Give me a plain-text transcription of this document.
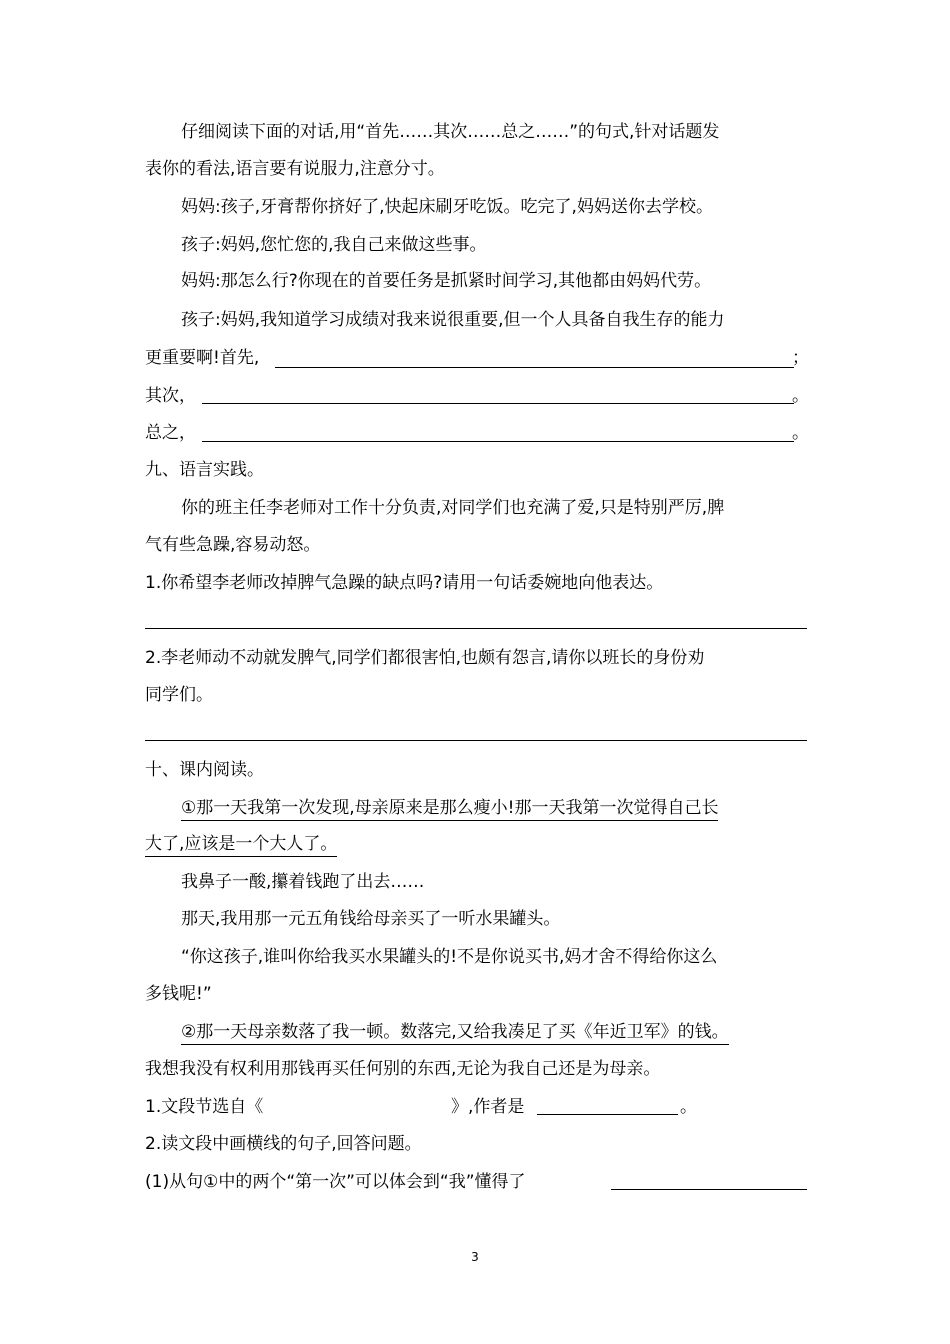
仔细阅读下面的对话,用“首先……其次……总之……”的句式,针对话题发
表你的看法,语言要有说服力,注意分寸。
妈妈:孩子,牙膏帮你挤好了,快起床刷牙吃饭。吃完了,妈妈送你去学校。
孩子:妈妈,您忙您的,我自己来做这些事。
妈妈:那怎么行?你现在的首要任务是抓紧时间学习,其他都由妈妈代劳。
孩子:妈妈,我知道学习成绩对我来说很重要,但一个人具备自我生存的能力
更重要啊!首先,	；
其次，	。
总之，	。
九、语言实践。
你的班主任李老师对工作十分负责,对同学们也充满了爱,只是特别严厉,脾
气有些急躁,容易动怒。
1.你希望李老师改掉脾气急躁的缺点吗?请用一句话委婉地向他表达。
2.李老师动不动就发脾气,同学们都很害怕,也颇有怨言,请你以班长的身份劝
同学们。
十、课内阅读。
①那一天我第一次发现,母亲原来是那么瘦小!那一天我第一次觉得自己长
大了,应该是一个大人了。
我鼻子一酸,攥着钱跑了出去……
那天,我用那一元五角钱给母亲买了一听水果罐头。
“你这孩子,谁叫你给我买水果罐头的!不是你说买书,妈才舍不得给你这么
多钱呢!”
②那一天母亲数落了我一顿。数落完,又给我凑足了买《年近卫军》的钱。
我想我没有权利用那钱再买任何别的东西,无论为我自己还是为母亲。
1.文段节选自《	》,作者是	。
2.读文段中画横线的句子,回答问题。
(1)从句①中的两个“第一次”可以体会到“我”懂得了
3
